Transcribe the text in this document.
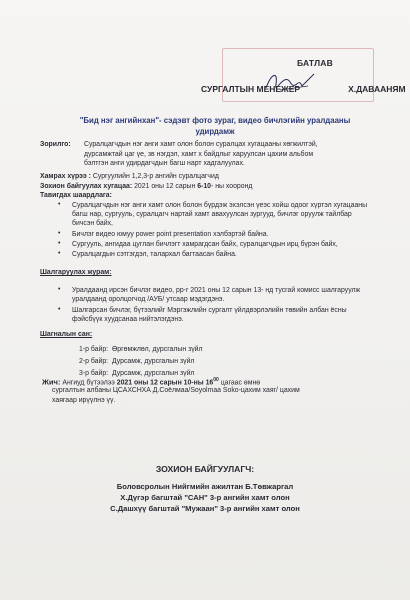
БАТЛАВ
СУРГАЛТЫН МЕНЕЖЕР	Х.ДАВААНЯМ
"Бид нэг ангийнхан"- сэдэвт фото зураг, видео бичлэгийн уралдааны удирдамж
Зорилго: Суралцагчдын нэг анги хамт олон болон суралцах хугацааны хөгжилтэй,
дурсамжтай цаг үе, зв нэгдэл, хамт х байдлыг харуулсан цахим альбом
бэлтгэн анги удирдагчдын багш нарт хадгалуулах.
Хамрах хүрээ : Сургуулийн 1,2,3-р ангийн суралцагчид
Зохион байгуулах хугацаа: 2021 оны 12 сарын 6-10- ны хооронд
Тавигдах шаардлага:
• Суралцагчдын нэг анги хамт олон болон бүрдэж эхэлсэн үеэс хойш одоог хүртэл хугацааны багш нар, сургууль, суралцагч нартай хамт авахуулсан зургууд, бичлэг оруулж тайлбар бичсэн байх,
• Бичлэг видео юмуу power point presentation хэлбэртэй байна.
• Сургууль, ангидаа цуглан бичлэгт хамрагдсан байх, суралцагчдын ирц бүрэн байх,
• Суралцагдын сэтгэгдэл, талархал багтаасан байна.
Шалгаруулах журам:
• Уралдаанд ирсэн бичлэг видео, рр-г 2021 оны 12 сарын 13- нд тусгай комисс шалгаруулж уралдаанд оролцогчод /АУБ/ утсаар мэдэгдэнэ.
• Шалгарсан бичлэг, бүтээлийг Мэргэжлийн сургалт үйлдвэрлэлийн төвийн албан ёсны фэйсбүүк хуудсанаа нийтэлэгдэнэ.
Шагналын сан:
1-р байр: Өргөмжлөл, дурсгалын зүйл
2-р байр: Дурсамж, дурсгалын зүйл
3-р байр: Дурсамж, дурсгалын зүйл
Жич: Ангиуд бүтээлээ 2021 оны 12 сарын 10-ны $16^{00}$ цагаас өмнө
сургалтын албаны ЦСАХСНХА Д.Соёлмаа/Soyolmaa Soko-цахим хаяг/ цахим
хаягаар ирүүлнэ үү.
ЗОХИОН БАЙГУУЛАГЧ:
Боловсролын Нийгмийн ажилтан Б.Төвжаргал
Х.Дүгэр багштай "САН" 3-р ангийн хамт олон
С.Дашхүү багштай "Мужаан" 3-р ангийн хамт олон
